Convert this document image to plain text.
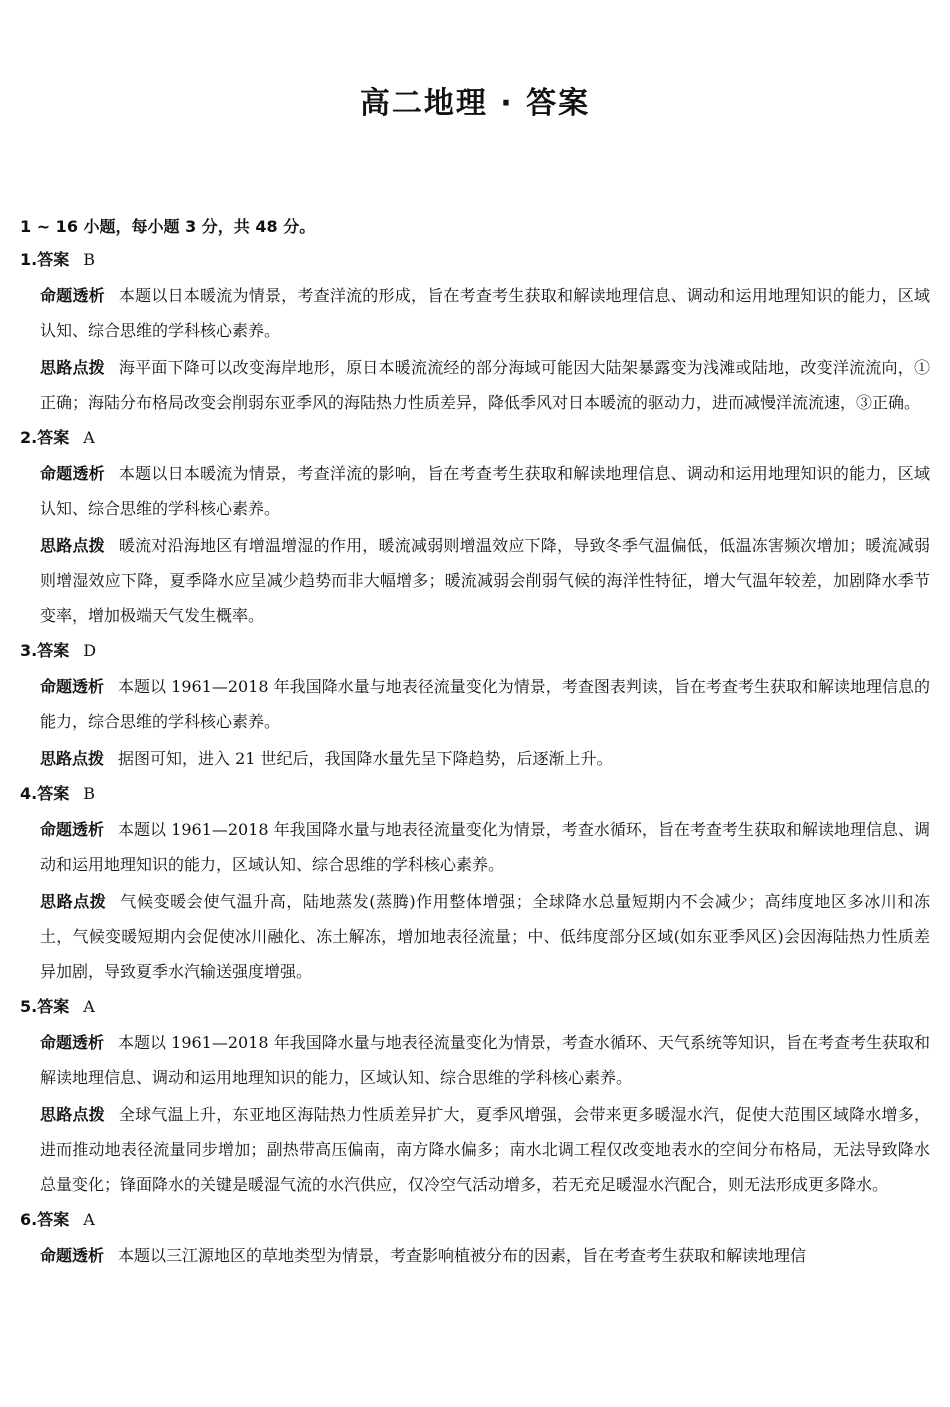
高二地理 · 答案
1 ~ 16 小题，每小题 3 分，共 48 分。
1.答案 B
命题透析 本题以日本暖流为情景，考查洋流的形成，旨在考查考生获取和解读地理信息、调动和运用地理知识的能力，区域认知、综合思维的学科核心素养。
思路点拨 海平面下降可以改变海岸地形，原日本暖流流经的部分海域可能因大陆架暴露变为浅滩或陆地，改变洋流流向，①正确；海陆分布格局改变会削弱东亚季风的海陆热力性质差异，降低季风对日本暖流的驱动力，进而减慢洋流流速，③正确。
2.答案 A
命题透析 本题以日本暖流为情景，考查洋流的影响，旨在考查考生获取和解读地理信息、调动和运用地理知识的能力，区域认知、综合思维的学科核心素养。
思路点拨 暖流对沿海地区有增温增湿的作用，暖流减弱则增温效应下降，导致冬季气温偏低，低温冻害频次增加；暖流减弱则增湿效应下降，夏季降水应呈减少趋势而非大幅增多；暖流减弱会削弱气候的海洋性特征，增大气温年较差，加剧降水季节变率，增加极端天气发生概率。
3.答案 D
命题透析 本题以 1961—2018 年我国降水量与地表径流量变化为情景，考查图表判读，旨在考查考生获取和解读地理信息的能力，综合思维的学科核心素养。
思路点拨 据图可知，进入 21 世纪后，我国降水量先呈下降趋势，后逐渐上升。
4.答案 B
命题透析 本题以 1961—2018 年我国降水量与地表径流量变化为情景，考查水循环，旨在考查考生获取和解读地理信息、调动和运用地理知识的能力，区域认知、综合思维的学科核心素养。
思路点拨 气候变暖会使气温升高，陆地蒸发(蒸腾)作用整体增强；全球降水总量短期内不会减少；高纬度地区多冰川和冻土，气候变暖短期内会促使冰川融化、冻土解冻，增加地表径流量；中、低纬度部分区域(如东亚季风区)会因海陆热力性质差异加剧，导致夏季水汽输送强度增强。
5.答案 A
命题透析 本题以 1961—2018 年我国降水量与地表径流量变化为情景，考查水循环、天气系统等知识，旨在考查考生获取和解读地理信息、调动和运用地理知识的能力，区域认知、综合思维的学科核心素养。
思路点拨 全球气温上升，东亚地区海陆热力性质差异扩大，夏季风增强，会带来更多暖湿水汽，促使大范围区域降水增多，进而推动地表径流量同步增加；副热带高压偏南，南方降水偏多；南水北调工程仅改变地表水的空间分布格局，无法导致降水总量变化；锋面降水的关键是暖湿气流的水汽供应，仅冷空气活动增多，若无充足暖湿水汽配合，则无法形成更多降水。
6.答案 A
命题透析 本题以三江源地区的草地类型为情景，考查影响植被分布的因素，旨在考查考生获取和解读地理信
